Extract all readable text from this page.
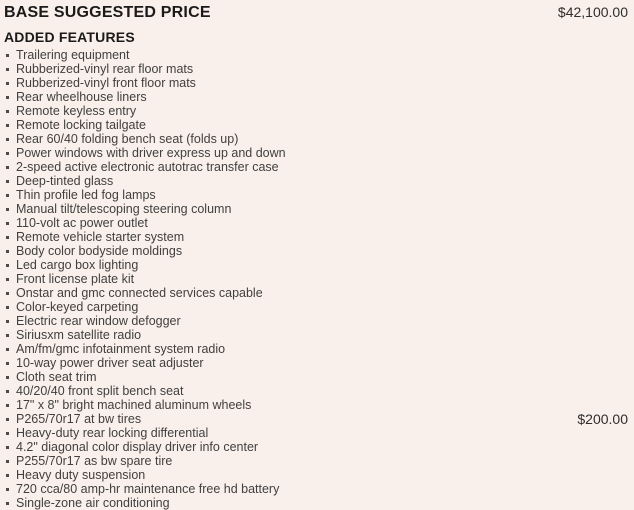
BASE SUGGESTED PRICE	$42,100.00
ADDED FEATURES
Trailering equipment
Rubberized-vinyl rear floor mats
Rubberized-vinyl front floor mats
Rear wheelhouse liners
Remote keyless entry
Remote locking tailgate
Rear 60/40 folding bench seat (folds up)
Power windows with driver express up and down
2-speed active electronic autotrac transfer case
Deep-tinted glass
Thin profile led fog lamps
Manual tilt/telescoping steering column
110-volt ac power outlet
Remote vehicle starter system
Body color bodyside moldings
Led cargo box lighting
Front license plate kit
Onstar and gmc connected services capable
Color-keyed carpeting
Electric rear window defogger
Siriusxm satellite radio
Am/fm/gmc infotainment system radio
10-way power driver seat adjuster
Cloth seat trim
40/20/40 front split bench seat
17" x 8" bright machined aluminum wheels
P265/70r17 at bw tires	$200.00
Heavy-duty rear locking differential
4.2" diagonal color display driver info center
P255/70r17 as bw spare tire
Heavy duty suspension
720 cca/80 amp-hr maintenance free hd battery
Single-zone air conditioning
